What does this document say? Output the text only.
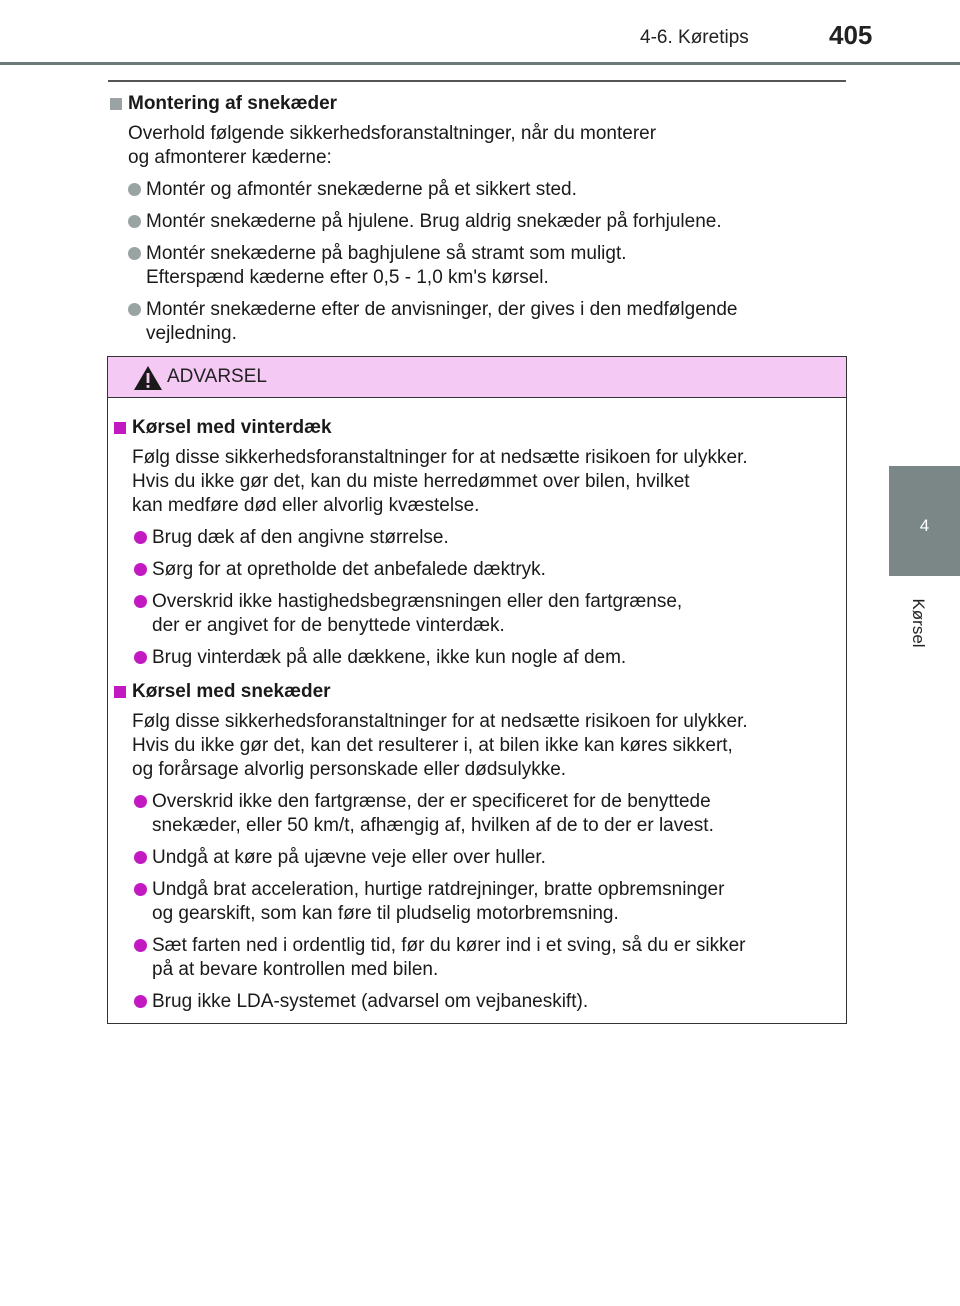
4-6. Køretips	405
4
Kørsel
Montering af snekæder
Overhold følgende sikkerhedsforanstaltninger, når du monterer
og afmonterer kæderne:
Montér og afmontér snekæderne på et sikkert sted.
Montér snekæderne på hjulene. Brug aldrig snekæder på forhjulene.
Montér snekæderne på baghjulene så stramt som muligt.
Efterspænd kæderne efter 0,5 - 1,0 km's kørsel.
Montér snekæderne efter de anvisninger, der gives i den medfølgende
vejledning.
ADVARSEL
Kørsel med vinterdæk
Følg disse sikkerhedsforanstaltninger for at nedsætte risikoen for ulykker.
Hvis du ikke gør det, kan du miste herredømmet over bilen, hvilket
kan medføre død eller alvorlig kvæstelse.
Brug dæk af den angivne størrelse.
Sørg for at opretholde det anbefalede dæktryk.
Overskrid ikke hastighedsbegrænsningen eller den fartgrænse,
der er angivet for de benyttede vinterdæk.
Brug vinterdæk på alle dækkene, ikke kun nogle af dem.
Kørsel med snekæder
Følg disse sikkerhedsforanstaltninger for at nedsætte risikoen for ulykker.
Hvis du ikke gør det, kan det resulterer i, at bilen ikke kan køres sikkert,
og forårsage alvorlig personskade eller dødsulykke.
Overskrid ikke den fartgrænse, der er specificeret for de benyttede
snekæder, eller 50 km/t, afhængig af, hvilken af de to der er lavest.
Undgå at køre på ujævne veje eller over huller.
Undgå brat acceleration, hurtige ratdrejninger, bratte opbremsninger
og gearskift, som kan føre til pludselig motorbremsning.
Sæt farten ned i ordentlig tid, før du kører ind i et sving, så du er sikker
på at bevare kontrollen med bilen.
Brug ikke LDA-systemet (advarsel om vejbaneskift).
